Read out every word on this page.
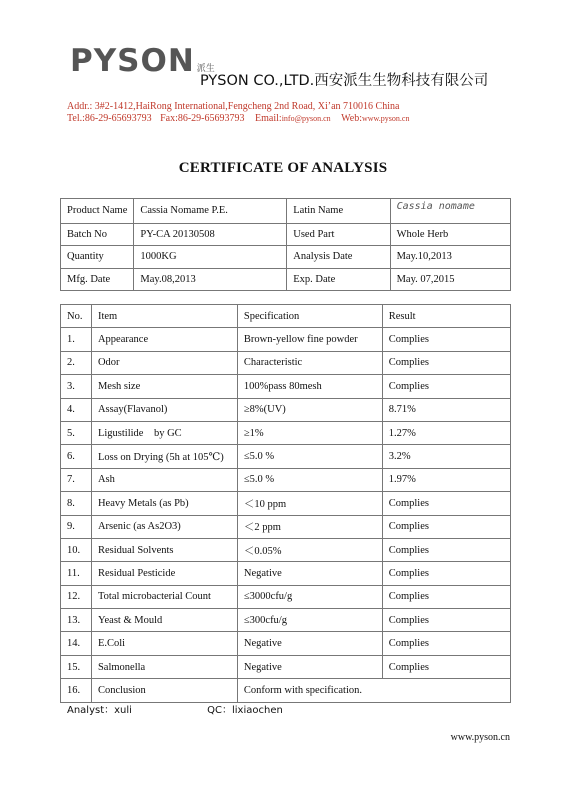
PYSON 派生
PYSON CO.,LTD.西安派生生物科技有限公司
Addr.: 3#2-1412,HaiRong International,Fengcheng 2nd Road, Xi’an 710016 China
Tel.:86-29-65693793 Fax:86-29-65693793 Email:info@pyson.cn Web:www.pyson.cn
CERTIFICATE OF ANALYSIS
Product Name	Cassia Nomame P.E.	Latin Name	Cassia nomame
Batch No	PY-CA 20130508	Used Part	Whole Herb
Quantity	1000KG	Analysis Date	May.10,2013
Mfg. Date	May.08,2013	Exp. Date	May. 07,2015
No.	Item	Specification	Result
1.	Appearance	Brown-yellow fine powder	Complies
2.	Odor	Characteristic	Complies
3.	Mesh size	100%pass 80mesh	Complies
4.	Assay(Flavanol)	≥8%(UV)	8.71%
5.	Ligustilide    by GC	≥1%	1.27%
6.	Loss on Drying (5h at 105℃)	≤5.0 %	3.2%
7.	Ash	≤5.0 %	1.97%
8.	Heavy Metals (as Pb)	＜10 ppm	Complies
9.	Arsenic (as As2O3)	＜2 ppm	Complies
10.	Residual Solvents	＜0.05%	Complies
11.	Residual Pesticide	Negative	Complies
12.	Total microbacterial Count	≤3000cfu/g	Complies
13.	Yeast & Mould	≤300cfu/g	Complies
14.	E.Coli	Negative	Complies
15.	Salmonella	Negative	Complies
16.	Conclusion	Conform with specification.	
Analyst：xuli	QC：lixiaochen
www.pyson.cn
